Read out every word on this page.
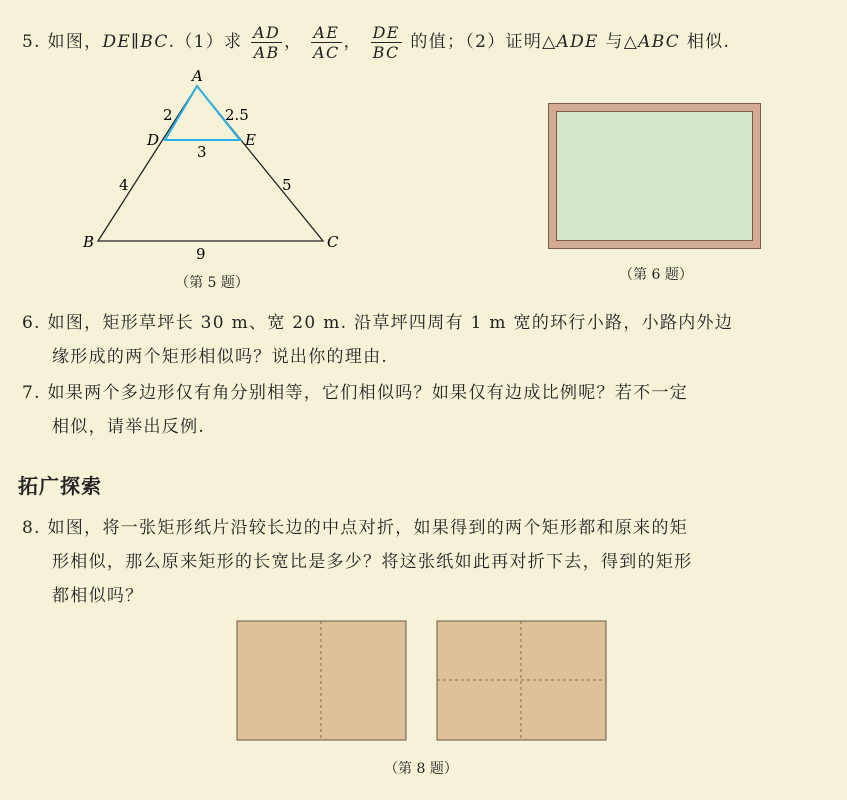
5. 如图，DE∥BC.（1）求 $\frac{AD}{AB}$ ， $\frac{AE}{AC}$ ， $\frac{DE}{BC}$ 的值；（2）证明△ADE 与△ABC 相似.
A
D	E
B	C
2	2.5
3
4	5
9
（第 5 题）	（第 6 题）
6. 如图，矩形草坪长 30 m、宽 20 m. 沿草坪四周有 1 m 宽的环行小路，小路内外边
缘形成的两个矩形相似吗？说出你的理由.
7. 如果两个多边形仅有角分别相等，它们相似吗？如果仅有边成比例呢？若不一定
相似，请举出反例.
拓广探索
8. 如图，将一张矩形纸片沿较长边的中点对折，如果得到的两个矩形都和原来的矩
形相似，那么原来矩形的长宽比是多少？将这张纸如此再对折下去，得到的矩形
都相似吗？
（第 8 题）
